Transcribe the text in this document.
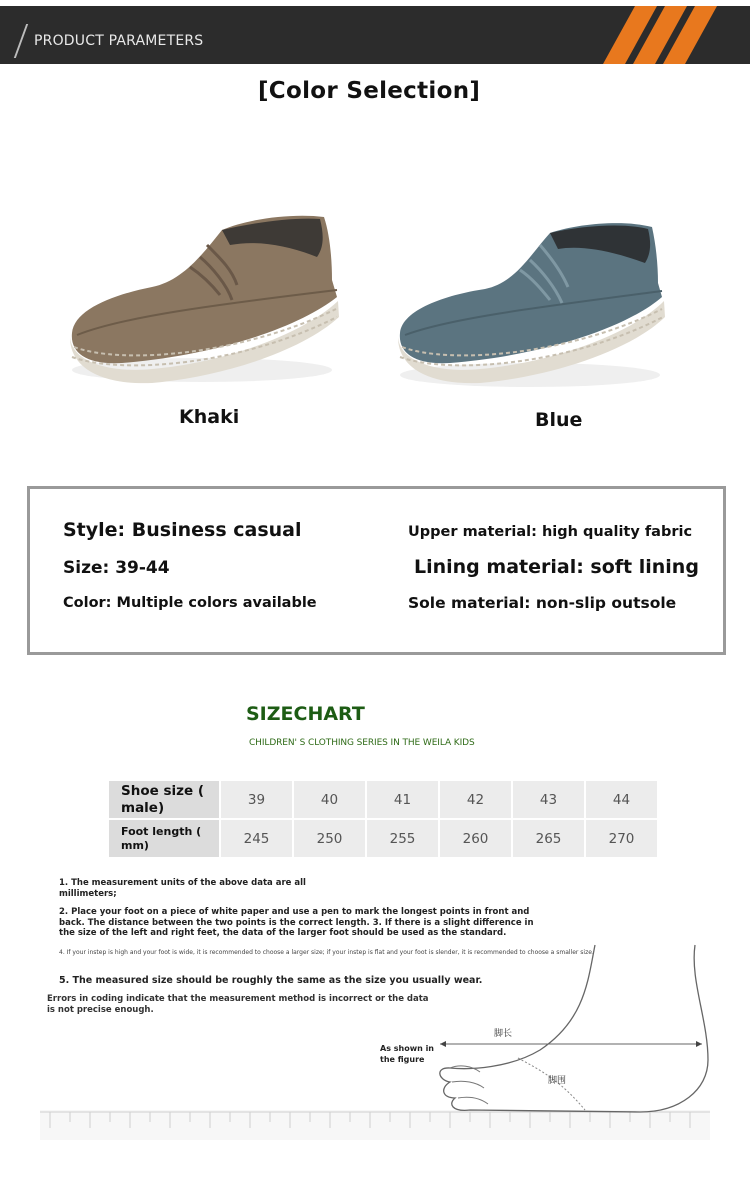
PRODUCT PARAMETERS
[Color Selection]
Khaki	Blue
Style: Business casual
Size: 39-44
Color: Multiple colors available
Upper material: high quality fabric
Lining material: soft lining
Sole material: non-slip outsole
SIZECHART
CHILDREN' S CLOTHING SERIES IN THE WEILA KIDS
Shoe size ( male)	39	40	41	42	43	44
Foot length ( mm)	245	250	255	260	265	270
As shown in the figure
脚长
脚围
1. The measurement units of the above data are all millimeters;
2. Place your foot on a piece of white paper and use a pen to mark the longest points in front and back. The distance between the two points is the correct length. 3. If there is a slight difference in the size of the left and right feet, the data of the larger foot should be used as the standard.
4. If your instep is high and your foot is wide, it is recommended to choose a larger size; if your instep is flat and your foot is slender, it is recommended to choose a smaller size.
5. The measured size should be roughly the same as the size you usually wear.
Errors in coding indicate that the measurement method is incorrect or the data is not precise enough.
